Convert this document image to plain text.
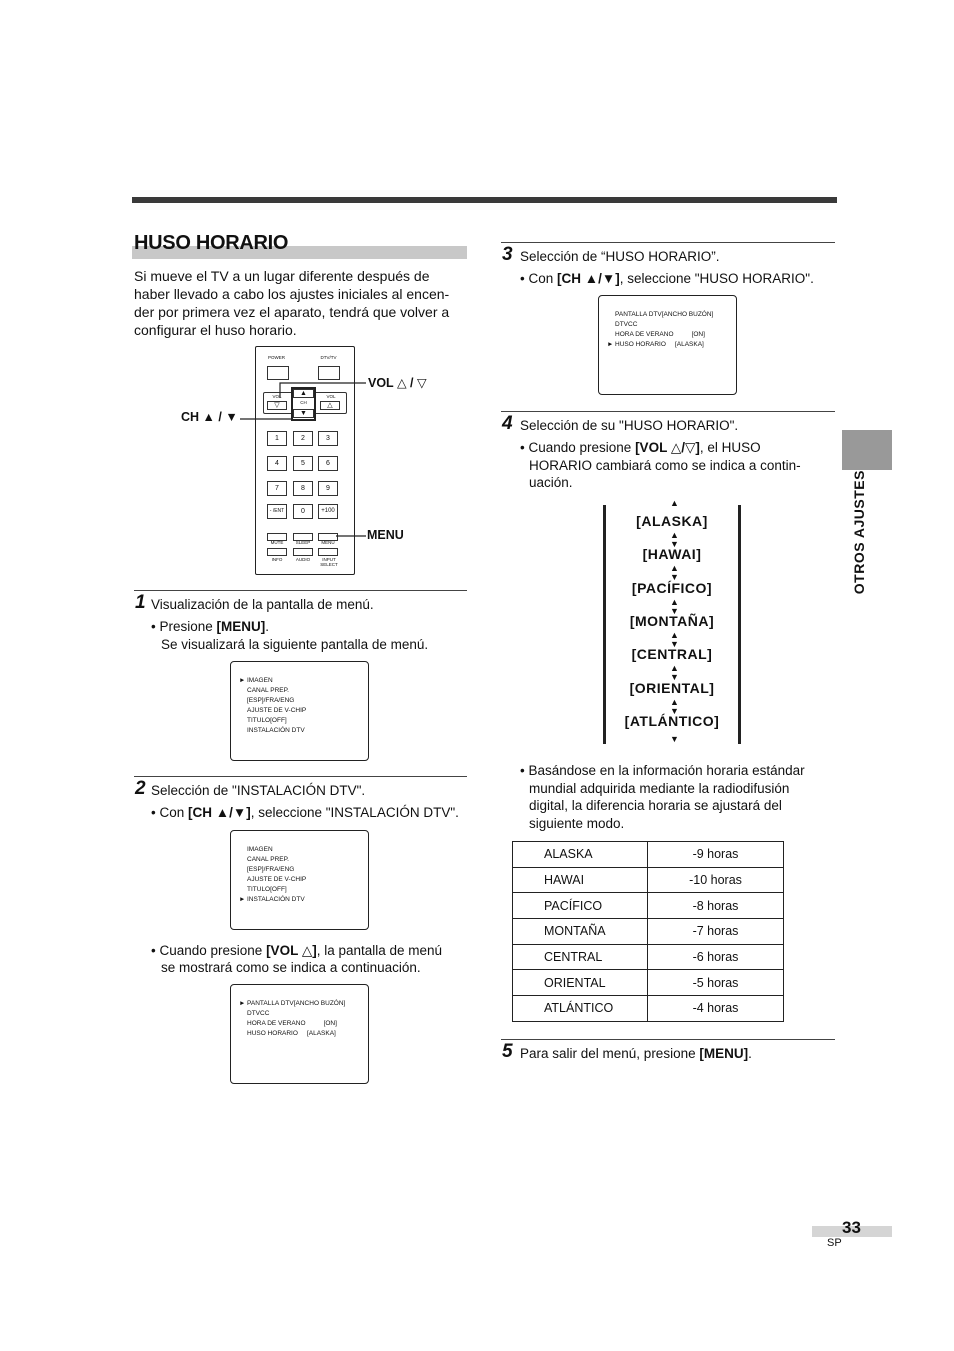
HUSO HORARIO
Si mueve el TV a un lugar diferente después de haber llevado a cabo los ajustes iniciales al encen-der por primera vez el aparato, tendrá que volver a configurar el huso horario.
POWER	DTV/TV
VOL	VOL
▽	△
▲
CH
▼
- /ENT	0	+100
MUTE	SLEEP	MENU
INFO	AUDIO	INPUT SELECT
1	2	3
4	5	6
7	8	9
VOL △ / ▽
CH ▲ / ▼
MENU
1 Visualización de la pantalla de menú.
• Presione [MENU].
Se visualizará la siguiente pantalla de menú.
► IMAGEN
CANAL PREP.
[ESP]/FRA/ENG
AJUSTE DE V-CHIP
TITULO[OFF]
INSTALACIÓN DTV
2 Selección de "INSTALACIÓN DTV".
• Con [CH ▲/▼], seleccione "INSTALACIÓN DTV".
IMAGEN
CANAL PREP.
[ESP]/FRA/ENG
AJUSTE DE V-CHIP
TITULO[OFF]
► INSTALACIÓN DTV
• Cuando presione [VOL △], la pantalla de menú
se mostrará como se indica a continuación.
► PANTALLA DTV[ANCHO BUZÓN]
DTVCC
HORA DE VERANO          [ON]
HUSO HORARIO     [ALASKA]
3 Selección de “HUSO HORARIO”.
• Con [CH ▲/▼], seleccione "HUSO HORARIO".
PANTALLA DTV[ANCHO BUZÓN]
DTVCC
HORA DE VERANO          [ON]
► HUSO HORARIO     [ALASKA]
4 Selección de su "HUSO HORARIO".
• Cuando presione [VOL △/▽], el HUSO
HORARIO cambiará como se indica a contin-
uación.
[ALASKA]
▲
▼
[HAWAI]
▲
▼
[PACÍFICO]
▲
▼
[MONTAÑA]
▲
▼
[CENTRAL]
▲
▼
[ORIENTAL]
▲
▼
[ATLÁNTICO]
▲
▼
• Basándose en la información horaria estándar
mundial adquirida mediante la radiodifusión
digital, la diferencia horaria se ajustará del
siguiente modo.
ALASKA	-9 horas
HAWAI	-10 horas
PACÍFICO	-8 horas
MONTAÑA	-7 horas
CENTRAL	-6 horas
ORIENTAL	-5 horas
ATLÁNTICO	-4 horas
5 Para salir del menú, presione [MENU].
OTROS AJUSTES
33
SP
